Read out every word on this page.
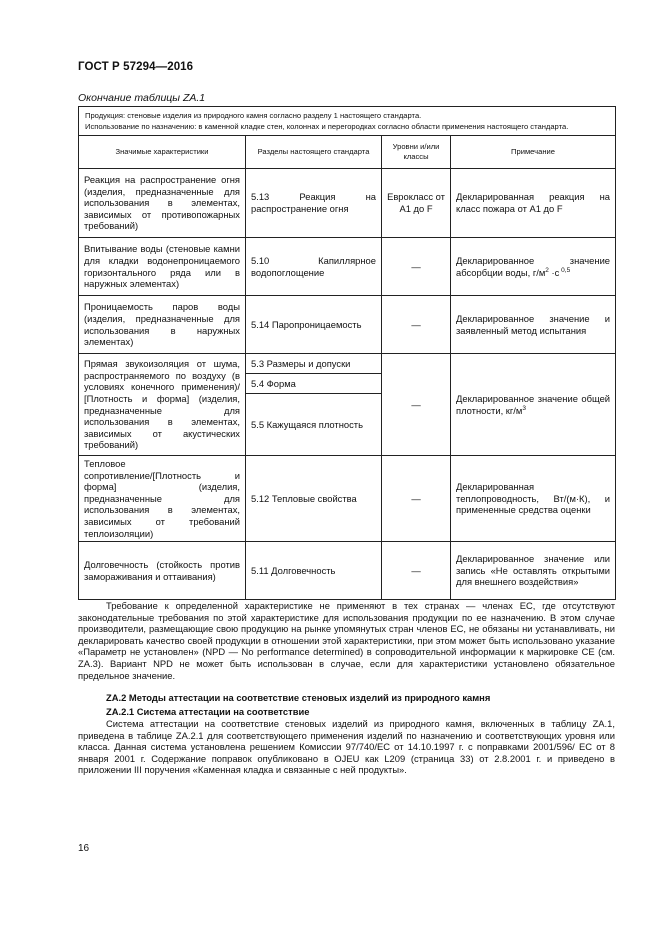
ГОСТ Р 57294—2016
Окончание таблицы ZA.1
Продукция: стеновые изделия из природного камня согласно разделу 1 настоящего стандарта.
Использование по назначению: в каменной кладке стен, колоннах и перегородках согласно области применения настоящего стандарта.			

Значимые характеристики	Разделы настоящего стандарта	Уровни и/или классы	Примечание
Реакция на распространение огня (изделия, предназначенные для использования в элементах, зависимых от противопожарных требований)	5.13 Реакция на распространение огня	Еврокласс от A1 до F	Декларированная реакция на класс пожара от A1 до F
Впитывание воды (стеновые камни для кладки водонепроницаемого горизонтального ряда или в наружных элементах)	5.10 Капиллярное водопоглощение	—	Декларированное значение абсорбции воды, $г/м^2 \cdot с$ $^{0,5}$
Проницаемость паров воды (изделия, предназначенные для использования в наружных элементах)	5.14 Паропроницаемость	—	Декларированное значение и заявленный метод испытания
Прямая звукоизоляция от шума, распространяемого по воздуху (в условиях конечного применения)/ [Плотность и форма] (изделия, предназначенные для использования в элементах, зависимых от акустических требований)	5.3 Размеры и допуски	—	Декларированное значение общей плотности, $кг/м^3$
	5.4 Форма		
	5.5 Кажущаяся плотность		
Тепловое сопротивление/[Плотность и форма] (изделия, предназначенные для использования в элементах, зависимых от требований теплоизоляции)	5.12 Тепловые свойства	—	Декларированная теплопроводность, Вт/(м·К), и примененные средства оценки
Долговечность (стойкость против замораживания и оттаивания)	5.11 Долговечность	—	Декларированное значение или запись «Не оставлять открытыми для внешнего воздействия»
Требование к определенной характеристике не применяют в тех странах — членах ЕС, где отсутствуют законодательные требования по этой характеристике для использования продукции по ее назначению. В этом случае производители, размещающие свою продукцию на рынке упомянутых стран членов ЕС, не обязаны ни устанавливать, ни декларировать качество своей продукции в отношении этой характеристики, при этом может быть использовано указание «Параметр не установлен» (NPD — No performance determined) в сопроводительной информации к маркировке CE (см. ZA.3). Вариант NPD не может быть использован в случае, если для характеристики установлено обязательное предельное значение.
ZA.2 Методы аттестации на соответствие стеновых изделий из природного камня
ZA.2.1 Система аттестации на соответствие
Система аттестации на соответствие стеновых изделий из природного камня, включенных в таблицу ZA.1, приведена в таблице ZA.2.1 для соответствующего применения изделий по назначению и соответствующих уровня или класса. Данная система установлена решением Комиссии 97/740/EC от 14.10.1997 г. с поправками 2001/596/ EC от 8 января 2001 г. Содержание поправок опубликовано в OJEU как L209 (страница 33) от 2.8.2001 г. и приведено в приложении III поручения «Каменная кладка и связанные с ней продукты».
16
